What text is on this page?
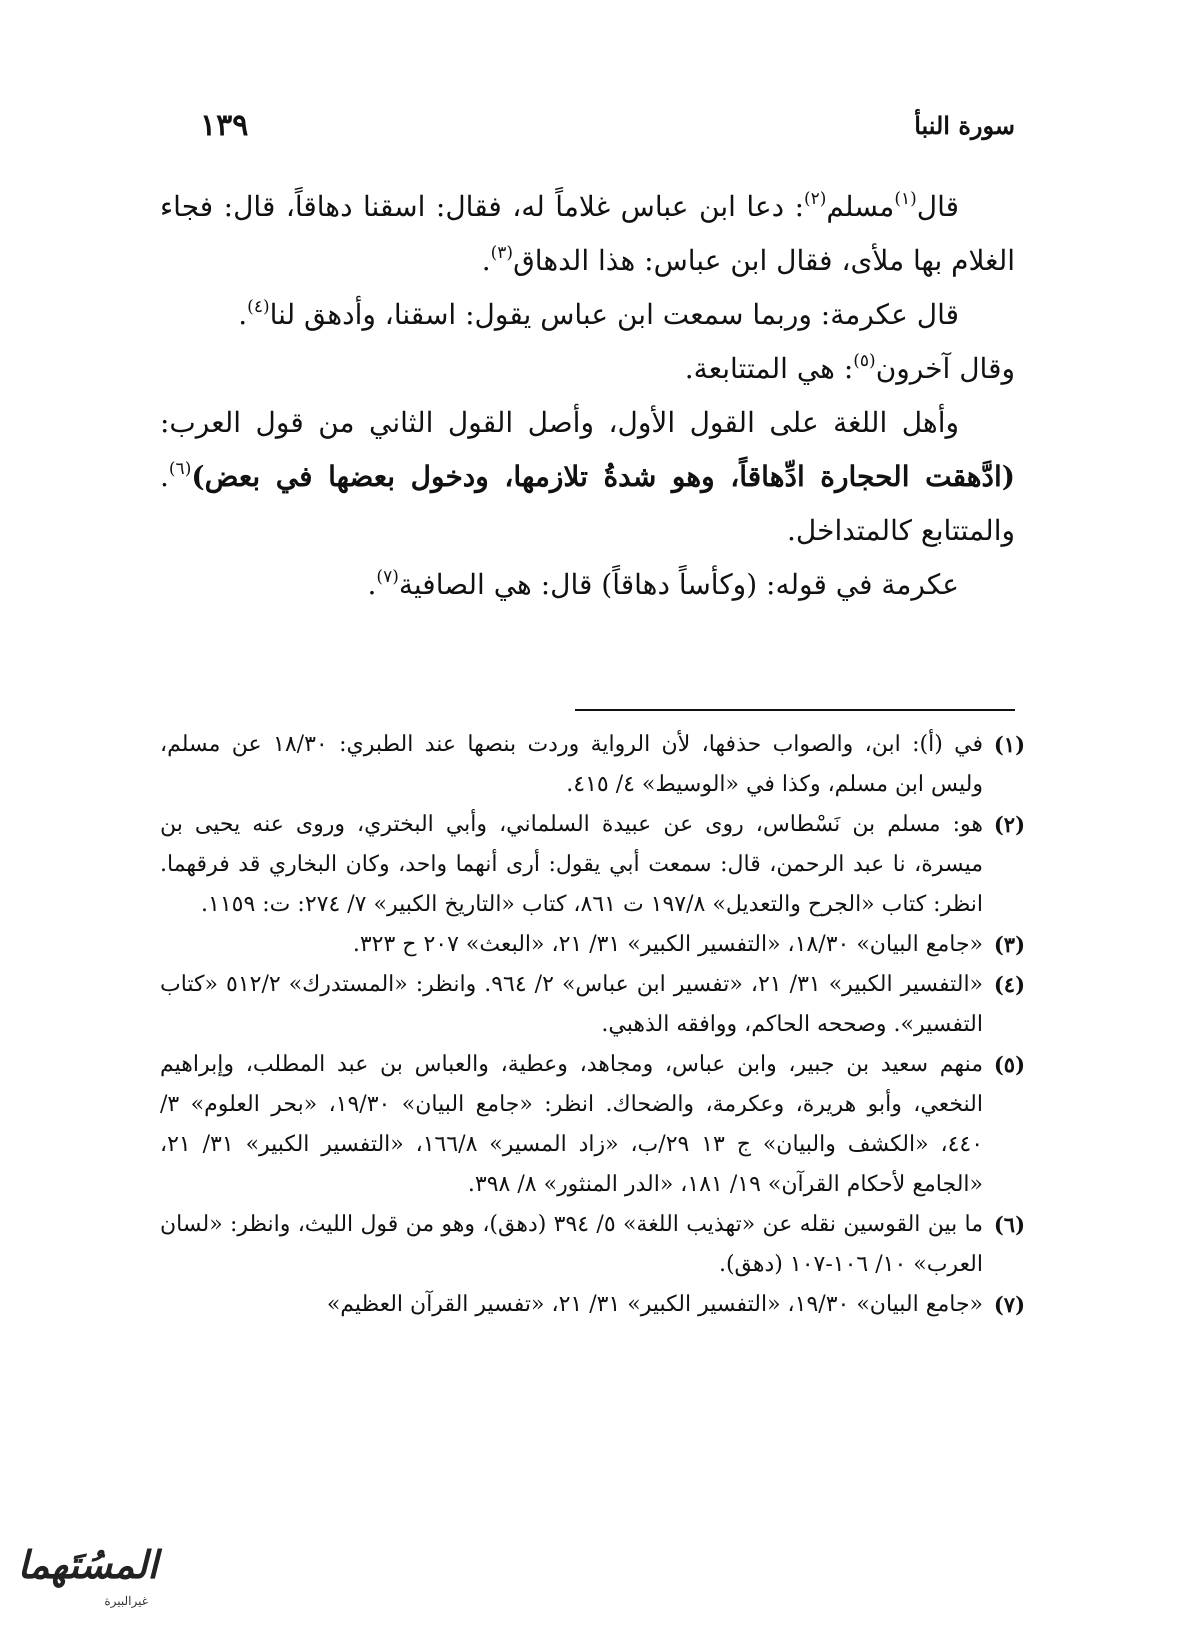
سورة النبأ
١٣٩

قال$^{(١)}$مسلم$^{(٢)}$: دعا ابن عباس غلاماً له، فقال: اسقنا دهاقاً، قال: فجاء الغلام بها ملأى، فقال ابن عباس: هذا الدهاق$^{(٣)}$.

قال عكرمة: وربما سمعت ابن عباس يقول: اسقنا، وأدهق لنا$^{(٤)}$.

وقال آخرون$^{(٥)}$: هي المتتابعة.

وأهل اللغة على القول الأول، وأصل القول الثاني من قول العرب: (ادَّهقت الحجارة ادِّهاقاً، وهو شدةُ تلازمها، ودخول بعضها في بعض)$^{(٦)}$. والمتتابع كالمتداخل.

عكرمة في قوله: (وكأساً دهاقاً) قال: هي الصافية$^{(٧)}$.

(١)
في (أ): ابن، والصواب حذفها، لأن الرواية وردت بنصها عند الطبري: ١٨/٣٠ عن مسلم، وليس ابن مسلم، وكذا في «الوسيط» ٤/ ٤١٥.
(٢)
هو: مسلم بن نَسْطاس، روى عن عبيدة السلماني، وأبي البختري، وروى عنه يحيى بن ميسرة، نا عبد الرحمن، قال: سمعت أبي يقول: أرى أنهما واحد، وكان البخاري قد فرقهما. انظر: كتاب «الجرح والتعديل» ١٩٧/٨ ت ٨٦١، كتاب «التاريخ الكبير» ٧/ ٢٧٤: ت: ١١٥٩.
(٣)
«جامع البيان» ١٨/٣٠، «التفسير الكبير» ٣١/ ٢١، «البعث» ٢٠٧ ح ٣٢٣.
(٤)
«التفسير الكبير» ٣١/ ٢١، «تفسير ابن عباس» ٢/ ٩٦٤. وانظر: «المستدرك» ٥١٢/٢ «كتاب التفسير». وصححه الحاكم، ووافقه الذهبي.
(٥)
منهم سعيد بن جبير، وابن عباس، ومجاهد، وعطية، والعباس بن عبد المطلب، وإبراهيم النخعي، وأبو هريرة، وعكرمة، والضحاك. انظر: «جامع البيان» ١٩/٣٠، «بحر العلوم» ٣/ ٤٤٠، «الكشف والبيان» ج ١٣ ٢٩/ب، «زاد المسير» ١٦٦/٨، «التفسير الكبير» ٣١/ ٢١، «الجامع لأحكام القرآن» ١٩/ ١٨١، «الدر المنثور» ٨/ ٣٩٨.
(٦)
ما بين القوسين نقله عن «تهذيب اللغة» ٥/ ٣٩٤ (دهق)، وهو من قول الليث، وانظر: «لسان العرب» ١٠/ ١٠٦-١٠٧ (دهق).
(٧)
«جامع البيان» ١٩/٣٠، «التفسير الكبير» ٣١/ ٢١، «تفسير القرآن العظيم»
المسُتَهما
غيرالبيرة
